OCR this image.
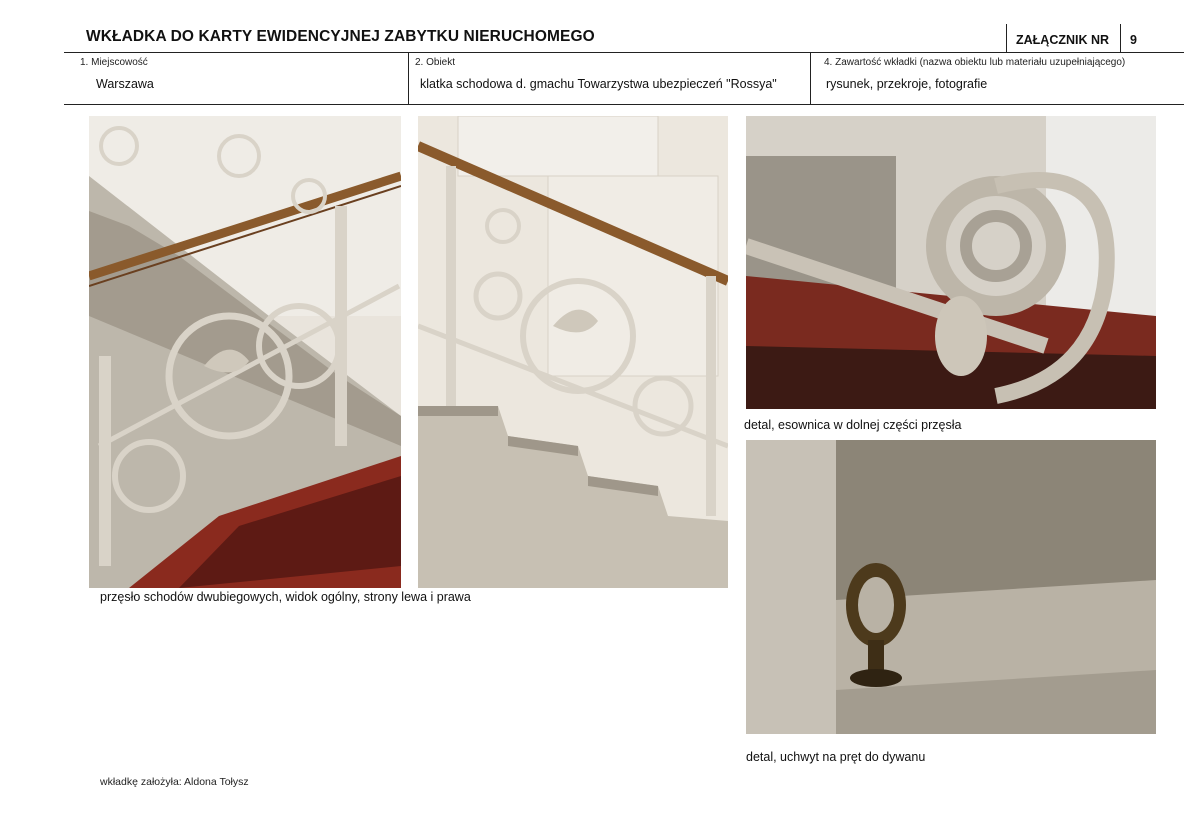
WKŁADKA DO KARTY EWIDENCYJNEJ ZABYTKU NIERUCHOMEGO	ZAŁĄCZNIK NR 9
1. Miejscowość
Warszawa
2. Obiekt
klatka schodowa d. gmachu Towarzystwa ubezpieczeń "Rossya"
4. Zawartość wkładki (nazwa obiektu lub materiału uzupełniającego)
rysunek, przekroje, fotografie
detal, esownica w dolnej części przęsła
detal, uchwyt na pręt do dywanu
przęsło schodów dwubiegowych, widok ogólny, strony lewa i prawa
wkładkę założyła: Aldona Tołysz
